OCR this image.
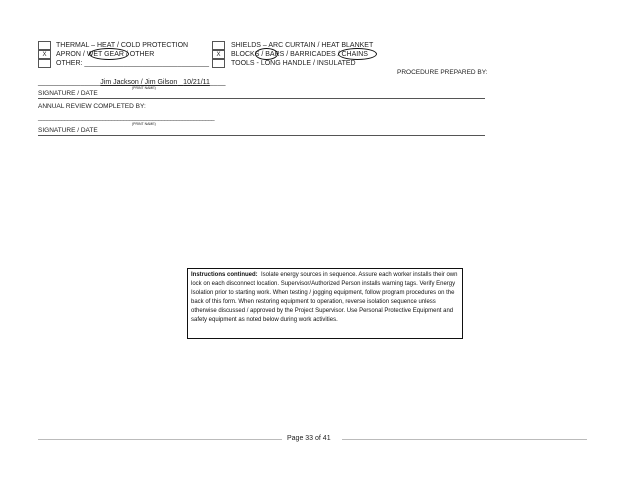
THERMAL – HEAT / COLD PROTECTION	SHIELDS – ARC CURTAIN / HEAT BLANKET
X	APRON / WET GEAR / OTHER	X	BLOCKS / BARS / BARRICADES / CHAINS
OTHER: ________________________________	TOOLS - LONG HANDLE / INSULATED
PROCEDURE PREPARED BY:
________________Jim Jackson / Jim Gilson 10/21/11____
(PRINT NAME)
SIGNATURE / DATE
ANNUAL REVIEW COMPLETED BY:
____________________________________________________________
(PRINT NAME)
SIGNATURE / DATE
Instructions continued: Isolate energy sources in sequence. Assure each worker installs their own lock on each disconnect location. Supervisor/Authorized Person installs warning tags. Verify Energy Isolation prior to starting work. When testing / jogging equipment, follow program procedures on the back of this form. When restoring equipment to operation, reverse isolation sequence unless otherwise discussed / approved by the Project Supervisor. Use Personal Protective Equipment and safety equipment as noted below during work activities.
Page 33 of 41
